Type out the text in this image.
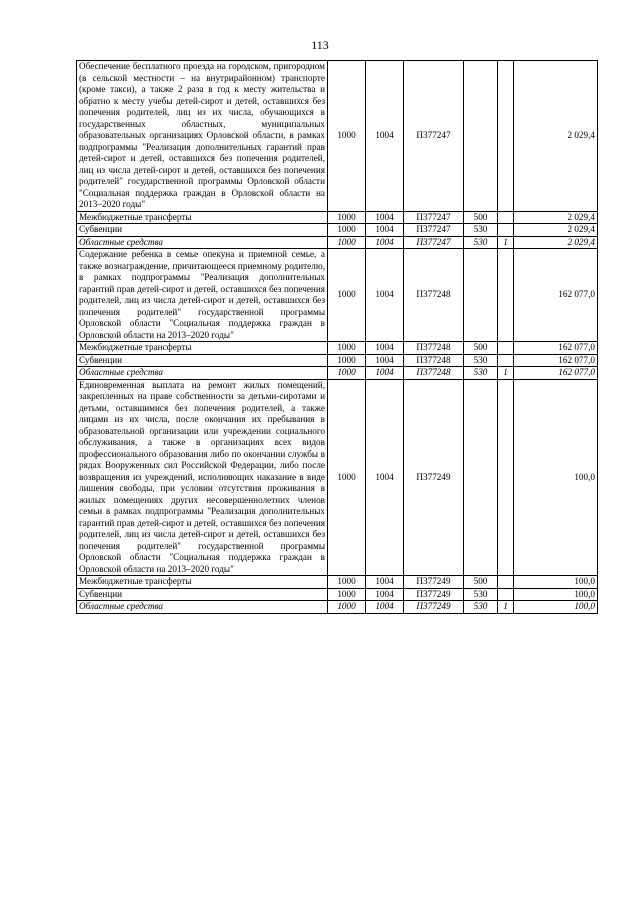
113
Обеспечение бесплатного проезда на городском, пригородном (в сельской местности – на внутрирайонном) транспорте (кроме такси), а также 2 раза в год к месту жительства и обратно к месту учебы детей-сирот и детей, оставшихся без попечения родителей, лиц из их числа, обучающихся в государственных областных, муниципальных образовательных организациях Орловской области, в рамках подпрограммы "Реализация дополнительных гарантий прав детей-сирот и детей, оставшихся без попечения родителей, лиц из числа детей-сирот и детей, оставшихся без попечения родителей" государственной программы Орловской области "Социальная поддержка граждан в Орловской области на 2013–2020 годы"	1000	1004	П377247			2 029,4
Межбюджетные трансферты	1000	1004	П377247	500		2 029,4
Субвенции	1000	1004	П377247	530		2 029,4
Областные средства	1000	1004	П377247	530	1	2 029,4
Содержание ребенка в семье опекуна и приемной семье, а также вознаграждение, причитающееся приемному родителю, в рамках подпрограммы "Реализация дополнительных гарантий прав детей-сирот и детей, оставшихся без попечения родителей, лиц из числа детей-сирот и детей, оставшихся без попечения родителей" государственной программы Орловской области "Социальная поддержка граждан в Орловской области на 2013–2020 годы"	1000	1004	П377248			162 077,0
Межбюджетные трансферты	1000	1004	П377248	500		162 077,0
Субвенции	1000	1004	П377248	530		162 077,0
Областные средства	1000	1004	П377248	530	1	162 077,0
Единовременная выплата на ремонт жилых помещений, закрепленных на праве собственности за детьми-сиротами и детьми, оставшимися без попечения родителей, а также лицами из их числа, после окончания их пребывания в образовательной организации или учреждении социального обслуживания, а также в организациях всех видов профессионального образования либо по окончании службы в рядах Вооруженных сил Российской Федерации, либо после возвращения из учреждений, исполняющих наказание в виде лишения свободы, при условии отсутствия проживания в жилых помещениях других несовершеннолетних членов семьи в рамках подпрограммы "Реализация дополнительных гарантий прав детей-сирот и детей, оставшихся без попечения родителей, лиц из числа детей-сирот и детей, оставшихся без попечения родителей" государственной программы Орловской области "Социальная поддержка граждан в Орловской области на 2013–2020 годы"	1000	1004	П377249			100,0
Межбюджетные трансферты	1000	1004	П377249	500		100,0
Субвенции	1000	1004	П377249	530		100,0
Областные средства	1000	1004	П377249	530	1	100,0
